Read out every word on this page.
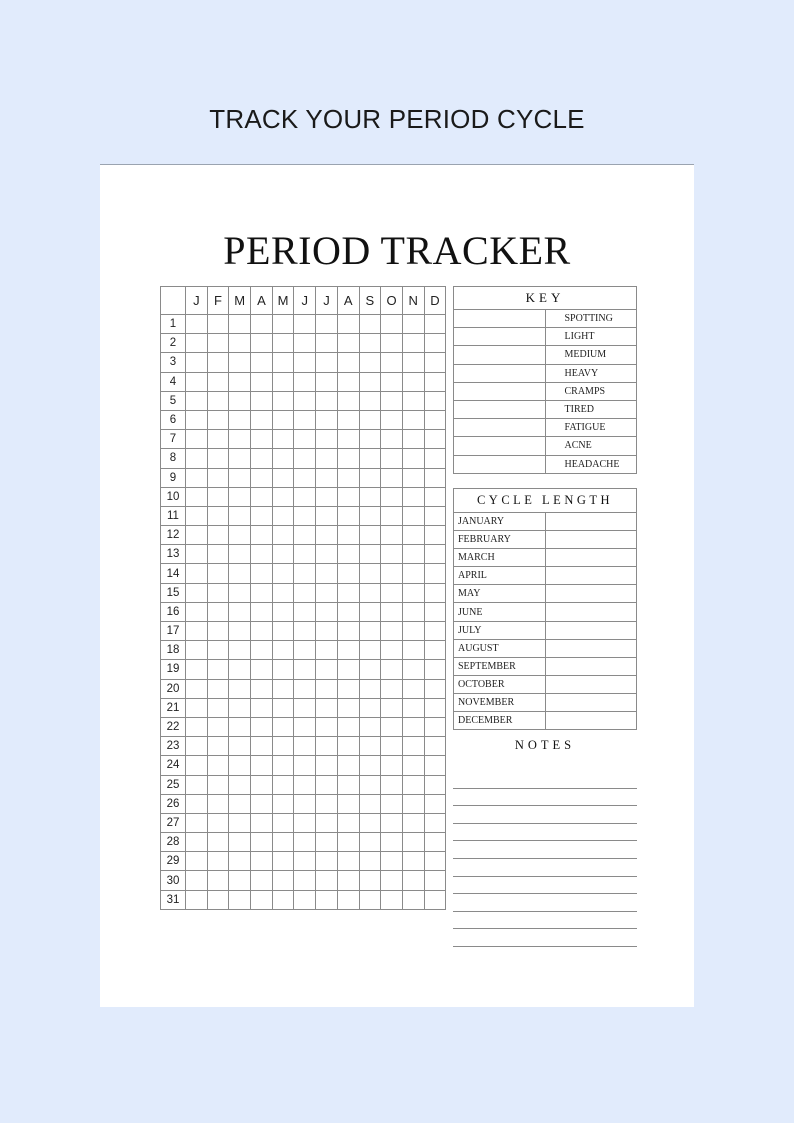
TRACK YOUR PERIOD CYCLE
PERIOD TRACKER
	J	F	M	A	M	J	J	A	S	O	N	D
1												
2												
3												
4												
5												
6												
7												
8												
9												
10												
11												
12												
13												
14												
15												
16												
17												
18												
19												
20												
21												
22												
23												
24												
25												
26												
27												
28												
29												
30												
31												
KEY	
	SPOTTING
	LIGHT
	MEDIUM
	HEAVY
	CRAMPS
	TIRED
	FATIGUE
	ACNE
	HEADACHE
CYCLE LENGTH	
JANUARY	
FEBRUARY	
MARCH	
APRIL	
MAY	
JUNE	
JULY	
AUGUST	
SEPTEMBER	
OCTOBER	
NOVEMBER	
DECEMBER	
NOTES
